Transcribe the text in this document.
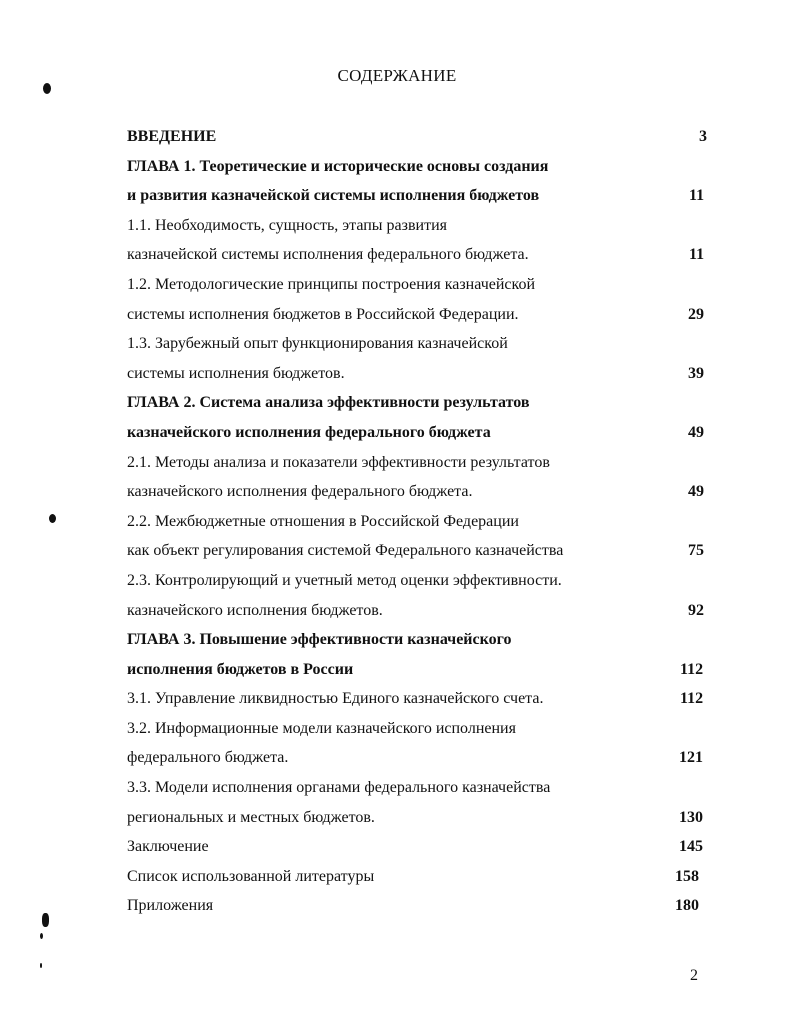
СОДЕРЖАНИЕ
ВВЕДЕНИЕ	3
ГЛАВА 1. Теоретические и исторические основы создания
и развития казначейской системы исполнения бюджетов	11
1.1. Необходимость, сущность, этапы развития
казначейской системы исполнения федерального бюджета.	11
1.2. Методологические принципы построения казначейской
системы исполнения бюджетов в Российской Федерации.	29
1.3. Зарубежный опыт функционирования казначейской
системы исполнения бюджетов.	39
ГЛАВА 2. Система анализа эффективности результатов
казначейского исполнения федерального бюджета	49
2.1. Методы анализа и показатели эффективности результатов
казначейского исполнения федерального бюджета.	49
2.2. Межбюджетные отношения в Российской Федерации
как объект регулирования системой Федерального казначейства	75
2.3. Контролирующий и учетный метод оценки эффективности.
казначейского исполнения бюджетов.	92
ГЛАВА 3. Повышение эффективности казначейского
исполнения бюджетов в России	112
3.1. Управление ликвидностью Единого казначейского счета.	112
3.2. Информационные модели казначейского исполнения
федерального бюджета.	121
3.3. Модели исполнения органами федерального казначейства
региональных и местных бюджетов.	130
Заключение	145
Список использованной литературы	158
Приложения	180
2
